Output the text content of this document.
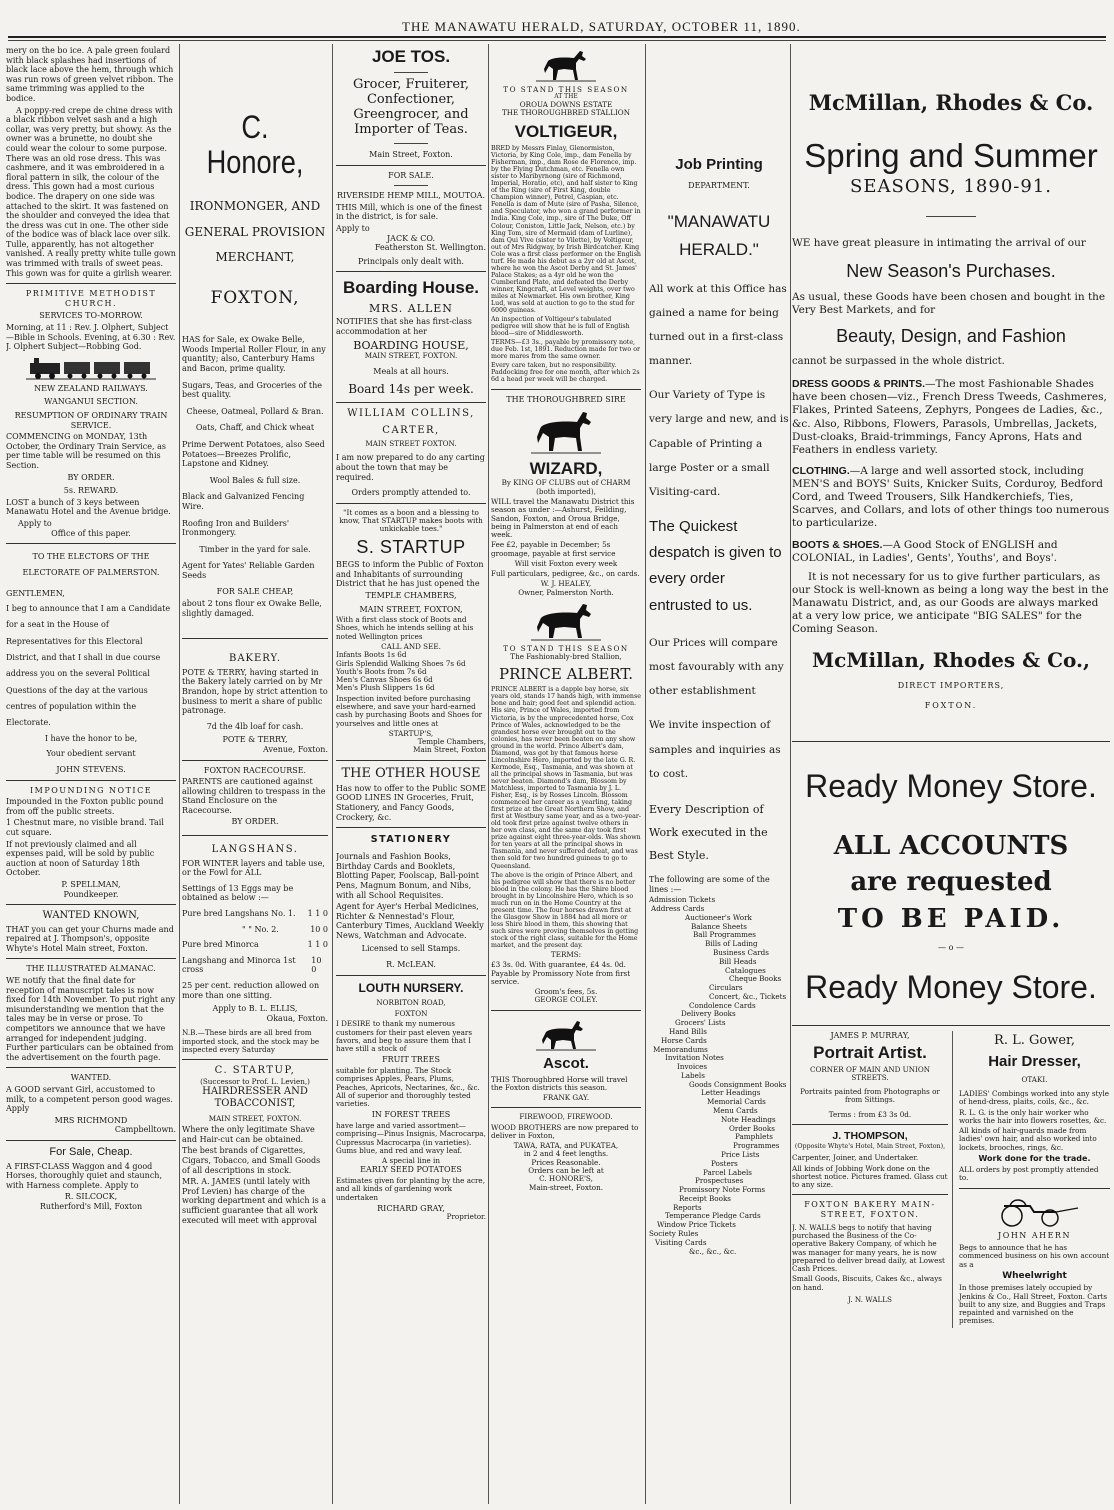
THE MANAWATU HERALD, SATURDAY, OCTOBER 11, 1890.

mery on the bo ice. A pale green foulard with black splashes had insertions of black lace above the hem, through which was run rows of green velvet ribbon. The same trimming was applied to the bodice.

A poppy-red crepe de chine dress with a black ribbon velvet sash and a high collar, was very pretty, but showy. As the owner was a brunette, no doubt she could wear the colour to some purpose. There was an old rose dress. This was cashmere, and it was embroidered in a floral pattern in silk, the colour of the dress. This gown had a most curious bodice. The drapery on one side was attached to the skirt. It was fastened on the shoulder and conveyed the idea that the dress was cut in one. The other side of the bodice was of black lace over silk. Tulle, apparently, has not altogether vanished. A really pretty white tulle gown was trimmed with trails of sweet peas. This gown was for quite a girlish wearer.

PRIMITIVE METHODIST CHURCH.
SERVICES TO-MORROW.

Morning, at 11 : Rev. J. Olphert, Subject—Bible in Schools. Evening, at 6.30 : Rev. J. Olphert Subject—Robbing God.

NEW ZEALAND RAILWAYS.
WANGANUI SECTION.
RESUMPTION OF ORDINARY TRAIN SERVICE.

COMMENCING on MONDAY, 13th October, the Ordinary Train Service, as per time table will be resumed on this Section.

BY ORDER.
5s. REWARD.

LOST a bunch of 3 keys between Manawatu Hotel and the Avenue bridge.

Apply to
Office of this paper.
TO THE ELECTORS OF THE ELECTORATE OF PALMERSTON.
GENTLEMEN,

I beg to announce that I am a Candidate for a seat in the House of Representatives for this Electoral District, and that I shall in due course address you on the several Political Questions of the day at the various centres of population within the Electorate.

I have the honor to be,
Your obedient servant
JOHN STEVENS.
IMPOUNDING NOTICE

Impounded in the Foxton public pound from off the public streets.

1 Chestnut mare, no visible brand. Tail cut square.

If not previously claimed and all expenses paid, will be sold by public auction at noon of Saturday 18th October.

P. SPELLMAN,
Poundkeeper.
WANTED KNOWN,

THAT you can get your Churns made and repaired at J. Thompson's, opposite Whyte's Hotel Main street, Foxton.

THE ILLUSTRATED ALMANAC.

WE notify that the final date for reception of manuscript tales is now fixed for 14th November. To put right any misunderstanding we mention that the tales may be in verse or prose. To competitors we announce that we have arranged for independent judging. Further particulars can be obtained from the advertisement on the fourth page.

WANTED.

A GOOD servant Girl, accustomed to milk, to a competent person good wages. Apply

MRS RICHMOND
Campbelltown.
For Sale, Cheap.

A FIRST-CLASS Waggon and 4 good Horses, thoroughly quiet and staunch, with Harness complete. Apply to

R. SILCOCK,
Rutherford's Mill, Foxton
C. Honore,
IRONMONGER, AND GENERAL PROVISION MERCHANT,
FOXTON,

HAS for Sale, ex Owake Belle, Woods Imperial Roller Flour, in any quantity; also, Canterbury Hams and Bacon, prime quality.

Sugars, Teas, and Groceries of the best quality.

Cheese, Oatmeal, Pollard & Bran.

Oats, Chaff, and Chick wheat

Prime Derwent Potatoes, also Seed Potatoes—Breezes Prolific, Lapstone and Kidney.

Wool Bales & full size.

Black and Galvanized Fencing Wire.

Roofing Iron and Builders' Ironmongery.

Timber in the yard for sale.

Agent for Yates' Reliable Garden Seeds

FOR SALE CHEAP,

about 2 tons flour ex Owake Belle, slightly damaged.

BAKERY.

POTE & TERRY, having started in the Bakery lately carried on by Mr Brandon, hope by strict attention to business to merit a share of public patronage.

7d the 4lb loaf for cash.
POTE & TERRY,
Avenue, Foxton.
FOXTON RACECOURSE.

PARENTS are cautioned against allowing children to trespass in the Stand Enclosure on the Racecourse.

BY ORDER.
LANGSHANS.

FOR WINTER layers and table use, or the Fowl for ALL

Settings of 13 Eggs may be obtained as below :—

Pure bred Langshans No. 1. 1 1 0
" " No. 2.	10 0
Pure bred Minorca	1 1 0
Langshang and Minorca 1st cross
10 0

25 per cent. reduction allowed on more than one sitting.

Apply to B. L. ELLIS,
Okaua, Foxton.

N.B.—These birds are all bred from imported stock, and the stock may be inspected every Saturday

C. STARTUP,
(Successor to Prof. L. Levien,)
HAIRDRESSER AND TOBACCONIST,
MAIN STREET, FOXTON.

Where the only legitimate Shave and Hair-cut can be obtained.

The best brands of Cigarettes, Cigars, Tobacco, and Small Goods of all descriptions in stock.

MR. A. JAMES (until lately with Prof Levien) has charge of the working department and which is a sufficient guarantee that all work executed will meet with approval

JOE TOS.
Grocer, Fruiterer, Confectioner, Greengrocer, and Importer of Teas.
Main Street, Foxton.
FOR SALE.
RIVERSIDE HEMP MILL, MOUTOA.

THIS Mill, which is one of the finest in the district, is for sale.

Apply to
JACK & CO.
Featherston St. Wellington.
Principals only dealt with.
Boarding House.
MRS. ALLEN

NOTIFIES that she has first-class accommodation at her

BOARDING HOUSE,
MAIN STREET, FOXTON.
Meals at all hours.
Board 14s per week.
WILLIAM COLLINS,
CARTER,
MAIN STREET FOXTON.

I am now prepared to do any carting about the town that may be required.

Orders promptly attended to.

"It comes as a boon and a blessing to know, That STARTUP makes boots with unkickable toes."

S. STARTUP

BEGS to inform the Public of Foxton and Inhabitants of surrounding District that he has just opened the

TEMPLE CHAMBERS,
MAIN STREET, FOXTON,

With a first class stock of Boots and Shoes, which he intends selling at his noted Wellington prices

CALL AND SEE.
Infants Boots 1s 6d
Girls Splendid Walking Shoes 7s 6d
Youth's Boots from 7s 6d
Men's Canvas Shoes 6s 6d
Men's Plush Slippers 1s 6d

Inspection invited before purchasing elsewhere, and save your hard-earned cash by purchasing Boots and Shoes for yourselves and little ones at

STARTUP'S,
Temple Chambers,
Main Street, Foxton
THE OTHER HOUSE

Has now to offer to the Public SOME GOOD LINES IN Groceries, Fruit, Stationery, and Fancy Goods, Crockery, &c.

STATIONERY

Journals and Fashion Books, Birthday Cards and Booklets, Blotting Paper, Foolscap, Ball-point Pens, Magnum Bonum, and Nibs, with all School Requisites.

Agent for Ayer's Herbal Medicines, Richter & Nennestad's Flour, Canterbury Times, Auckland Weekly News, Watchman and Advocate.

Licensed to sell Stamps.
R. McLEAN.
LOUTH NURSERY.
NORBITON ROAD,
FOXTON

I DESIRE to thank my numerous customers for their past eleven years favors, and beg to assure them that I have still a stock of

FRUIT TREES

suitable for planting. The Stock comprises Apples, Pears, Plums, Peaches, Apricots, Nectarines, &c., &c. All of superior and thoroughly tested varieties.

IN FOREST TREES

have large and varied assortment—comprising—Pinus Insignis, Macrocarpa, Cupressus Macrocarpa (in varieties). Gums blue, and red and wavy leaf.

A special line in
EARLY SEED POTATOES

Estimates given for planting by the acre, and all kinds of gardening work undertaken

RICHARD GRAY,
Proprietor.
TO STAND THIS SEASON
AT THE
OROUA DOWNS ESTATE
THE THOROUGHBRED STALLION
VOLTIGEUR,

BRED by Messrs Finlay, Glenormiston, Victoria, by King Cole, imp., dam Fenella by Fisherman, imp., dam Rose de Florence, imp. by the Flying Dutchman, etc. Fenella own sister to Maribyrnong (sire of Richmond, Imperial, Horatio, etc), and half sister to King of the Ring (sire of First King, double Champion winner), Petrel, Caspian, etc. Fenella is dam of Mute (sire of Pasha, Silence, and Speculator, who won a grand performer in India. King Cole, imp., sire of The Duke, Off Colour, Coniston, Little Jack, Nelson, etc.) by King Tom, sire of Mermaid (dam of Lurline), dam Qui Vive (sister to Vilette), by Voltigeur, out of Mrs Ridgway, by Irish Birdcatcher. King Cole was a first class performer on the English turf. He made his debut as a 2yr old at Ascot, where he won the Ascot Derby and St. James' Palace Stakes; as a 4yr old he won the Cumberland Plate, and defeated the Derby winner, Kingcraft, at Level weights, over two miles at Newmarket. His own brother, King Lud, was sold at auction to go to the stud for 6000 guineas.

An inspection of Voltigeur's tabulated pedigree will show that he is full of English blood—sire of Middlesworth.

TERMS—£3 3s., payable by promissory note, due Feb. 1st, 1891. Reduction made for two or more mares from the same owner.

Every care taken, but no responsibility. Paddocking free for one month, after which 2s 6d a head per week will be charged.

THE THOROUGHBRED SIRE
WIZARD,
By KING OF CLUBS out of CHARM (both imported),

WILL travel the Manawatu District this season as under :—Ashurst, Feilding, Sandon, Foxton, and Oroua Bridge, being in Palmerston at end of each week.

Fee £2, payable in December; 5s groomage, payable at first service

Will visit Foxton every week

Full particulars, pedigree, &c., on cards.

W. J. HEALEY,
Owner, Palmerston North.
TO STAND THIS SEASON
The Fashionably-bred Stallion,
PRINCE ALBERT.

PRINCE ALBERT is a dapple bay horse, six years old, stands 17 hands high, with immense bone and hair; good feet and splendid action. His sire, Prince of Wales, imported from Victoria, is by the unprecedented horse, Cox Prince of Wales, acknowledged to be the grandest horse ever brought out to the colonies, has never been beaten on any show ground in the world. Prince Albert's dam, Diamond, was got by that famous horse Lincolnshire Hero, imported by the late G. R. Kermode, Esq., Tasmania, and was shown at all the principal shows in Tasmania, but was never beaten. Diamond's dam, Blossom by Matchless, imported to Tasmania by J. L. Fisher, Esq., is by Rosses Lincoln. Blossom commenced her career as a yearling, taking first prize at the Great Northern Show, and first at Westbury same year, and as a two-year-old took first prize against twelve others in her own class, and the same day took first prize against eight three-year-olds. Was shown for ten years at all the principal shows in Tasmania, and never suffered defeat, and was then sold for two hundred guineas to go to Queensland.

The above is the origin of Prince Albert, and his pedigree will show that there is no better blood in the colony. He has the Shire blood brought in by Lincolnshire Hero, which is so much run on in the Home Country at the present time. The four horses drawn first at the Glasgow Show in 1884 had all more or less Shire blood in them, this showing that such sires were proving themselves in getting stock of the right class, suitable for the Home market, and the present day.

TERMS:

£3 3s. 0d. With guarantee, £4 4s. 0d. Payable by Promissory Note from first service.

Groom's fees, 5s.
GEORGE COLEY.
Ascot.

THIS Thoroughbred Horse will travel the Foxton districts this season.

FRANK GAY.
FIREWOOD, FIREWOOD.

WOOD BROTHERS are now prepared to deliver in Foxton,

TAWA, RATA, and PUKATEA,
in 2 and 4 feet lengths.
Prices Reasonable.
Orders can be left at
C. HONORE'S,
Main-street, Foxton.
Job Printing
DEPARTMENT.
"MANAWATU HERALD."

All work at this Office has gained a name for being turned out in a first-class manner.

Our Variety of Type is very large and new, and is Capable of Printing a large Poster or a small Visiting-card.

The Quickest despatch is given to every order entrusted to us.

Our Prices will compare most favourably with any other establishment

We invite inspection of samples and inquiries as to cost.

Every Description of Work executed in the Best Style.

The following are some of the lines :—

Admission Tickets
Address Cards
Auctioneer's Work
Balance Sheets
Ball Programmes
Bills of Lading
Business Cards
Bill Heads
Catalogues
Cheque Books
Circulars
Concert, &c., Tickets
Condolence Cards
Delivery Books
Grocers' Lists
Hand Bills
Horse Cards
Memorandums
Invitation Notes
Invoices
Labels
Goods Consignment Books
Letter Headings
Memorial Cards
Menu Cards
Note Headings
Order Books
Pamphlets
Programmes
Price Lists
Posters
Parcel Labels
Prospectuses
Promissory Note Forms
Receipt Books
Reports
Temperance Pledge Cards
Window Price Tickets
Society Rules
Visiting Cards
&c., &c., &c.
McMillan, Rhodes & Co.
Spring and Summer
SEASONS, 1890-91.

WE have great pleasure in intimating the arrival of our

New Season's Purchases.

As usual, these Goods have been chosen and bought in the Very Best Markets, and for

Beauty, Design, and Fashion

cannot be surpassed in the whole district.

DRESS GOODS & PRINTS.—The most Fashionable Shades have been chosen—viz., French Dress Tweeds, Cashmeres, Flakes, Printed Sateens, Zephyrs, Pongees de Ladies, &c., &c. Also, Ribbons, Flowers, Parasols, Umbrellas, Jackets, Dust-cloaks, Braid-trimmings, Fancy Aprons, Hats and Feathers in endless variety.

CLOTHING.—A large and well assorted stock, including MEN'S and BOYS' Suits, Knicker Suits, Corduroy, Bedford Cord, and Tweed Trousers, Silk Handkerchiefs, Ties, Scarves, and Collars, and lots of other things too numerous to particularize.

BOOTS & SHOES.—A Good Stock of ENGLISH and COLONIAL, in Ladies', Gents', Youths', and Boys'.

It is not necessary for us to give further particulars, as our Stock is well-known as being a long way the best in the Manawatu District, and, as our Goods are always marked at a very low price, we anticipate "BIG SALES" for the Coming Season.

McMillan, Rhodes & Co.,
DIRECT IMPORTERS,
FOXTON.
Ready Money Store.
ALL ACCOUNTS
are requested
TO BE PAID.
— o —
Ready Money Store.
JAMES P. MURRAY,
Portrait Artist.
CORNER OF MAIN AND UNION STREETS.

Portraits painted from Photographs or from Sittings.

Terms : from £3 3s 0d.
J. THOMPSON,
(Opposite Whyte's Hotel, Main Street, Foxton),

Carpenter, Joiner, and Undertaker.

All kinds of Jobbing Work done on the shortest notice. Pictures framed. Glass cut to any size.

FOXTON BAKERY MAIN-STREET, FOXTON.

J. N. WALLS begs to notify that having purchased the Business of the Co-operative Bakery Company, of which he was manager for many years, he is now prepared to deliver bread daily, at Lowest Cash Prices.

Small Goods, Biscuits, Cakes &c., always on hand.

J. N. WALLS
R. L. Gower,
Hair Dresser,
OTAKI.

LADIES' Combings worked into any style of hend-dress, plaits, coils, &c., &c.

R. L. G. is the only hair worker who works the hair into flowers rosettes, &c.

All kinds of hair-guards made from ladies' own hair, and also worked into lockets, brooches, rings, &c.

Work done for the trade.

ALL orders by post promptly attended to.

JOHN AHERN

Begs to announce that he has commenced business on his own account as a

Wheelwright

In those premises lately occupied by Jenkins & Co., Hall Street, Foxton. Carts built to any size, and Buggies and Traps repainted and varnished on the premises.
